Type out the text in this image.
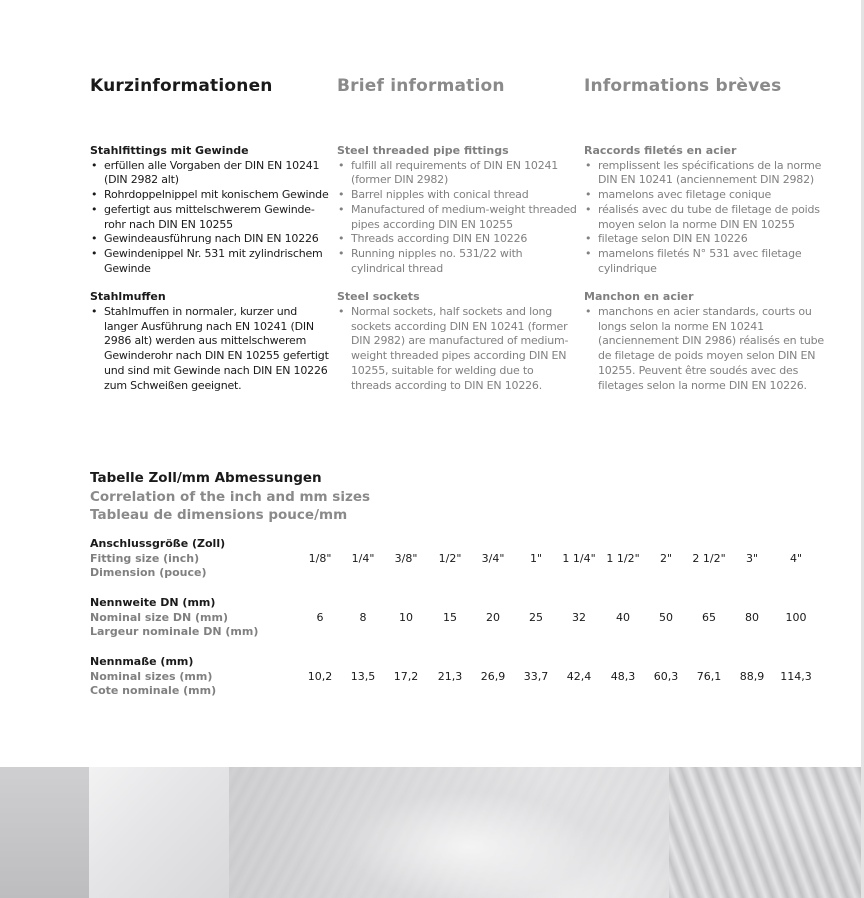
Kurzinformationen

Stahlfittings mit Gewinde

• erfüllen alle Vorgaben der DIN EN 10241 (DIN 2982 alt)
• Rohrdoppelnippel mit konischem Gewinde
• gefertigt aus mittelschwerem Gewinde-rohr nach DIN EN 10255
• Gewindeausführung nach DIN EN 10226
• Gewindenippel Nr. 531 mit zylindrischem Gewinde

Stahlmuffen

• Stahlmuffen in normaler, kurzer und langer Ausführung nach EN 10241 (DIN 2986 alt) werden aus mittelschwerem Gewinderohr nach DIN EN 10255 gefertigt und sind mit Gewinde nach DIN EN 10226 zum Schweißen geeignet.
Brief information

Steel threaded pipe fittings

• fulfill all requirements of DIN EN 10241 (former DIN 2982)
• Barrel nipples with conical thread
• Manufactured of medium-weight threaded pipes according DIN EN 10255
• Threads according DIN EN 10226
• Running nipples no. 531/22 with cylindrical thread

Steel sockets

• Normal sockets, half sockets and long sockets according DIN EN 10241 (former DIN 2982) are manufactured of medium-weight threaded pipes according DIN EN 10255, suitable for welding due to threads according to DIN EN 10226.
Informations brèves

Raccords filetés en acier

• remplissent les spécifications de la norme DIN EN 10241 (anciennement DIN 2982)
• mamelons avec filetage conique
• réalisés avec du tube de filetage de poids moyen selon la norme DIN EN 10255
• filetage selon DIN EN 10226
• mamelons filetés N° 531 avec filetage cylindrique

Manchon en acier

• manchons en acier standards, courts ou longs selon la norme EN 10241 (anciennement DIN 2986) réalisés en tube de filetage de poids moyen selon DIN EN 10255. Peuvent être soudés avec des filetages selon la norme DIN EN 10226.
Tabelle Zoll/mm Abmessungen
Correlation of the inch and mm sizes
Tableau de dimensions pouce/mm
Anschlussgröße (Zoll)
Fitting size (inch)
Dimension (pouce)
1/8" 1/4" 3/8" 1/2" 3/4" 1" 1 1/4" 1 1/2" 2" 2 1/2" 3"	4"
Nennweite DN (mm)
Nominal size DN (mm)
Largeur nominale DN (mm)
6	8	10	15	20	25	32	40	50	65	80 100
Nennmaße (mm)
Nominal sizes (mm)
Cote nominale (mm)
10,2 13,5 17,2 21,3 26,9 33,7 42,4 48,3 60,3 76,1 88,9 114,3
